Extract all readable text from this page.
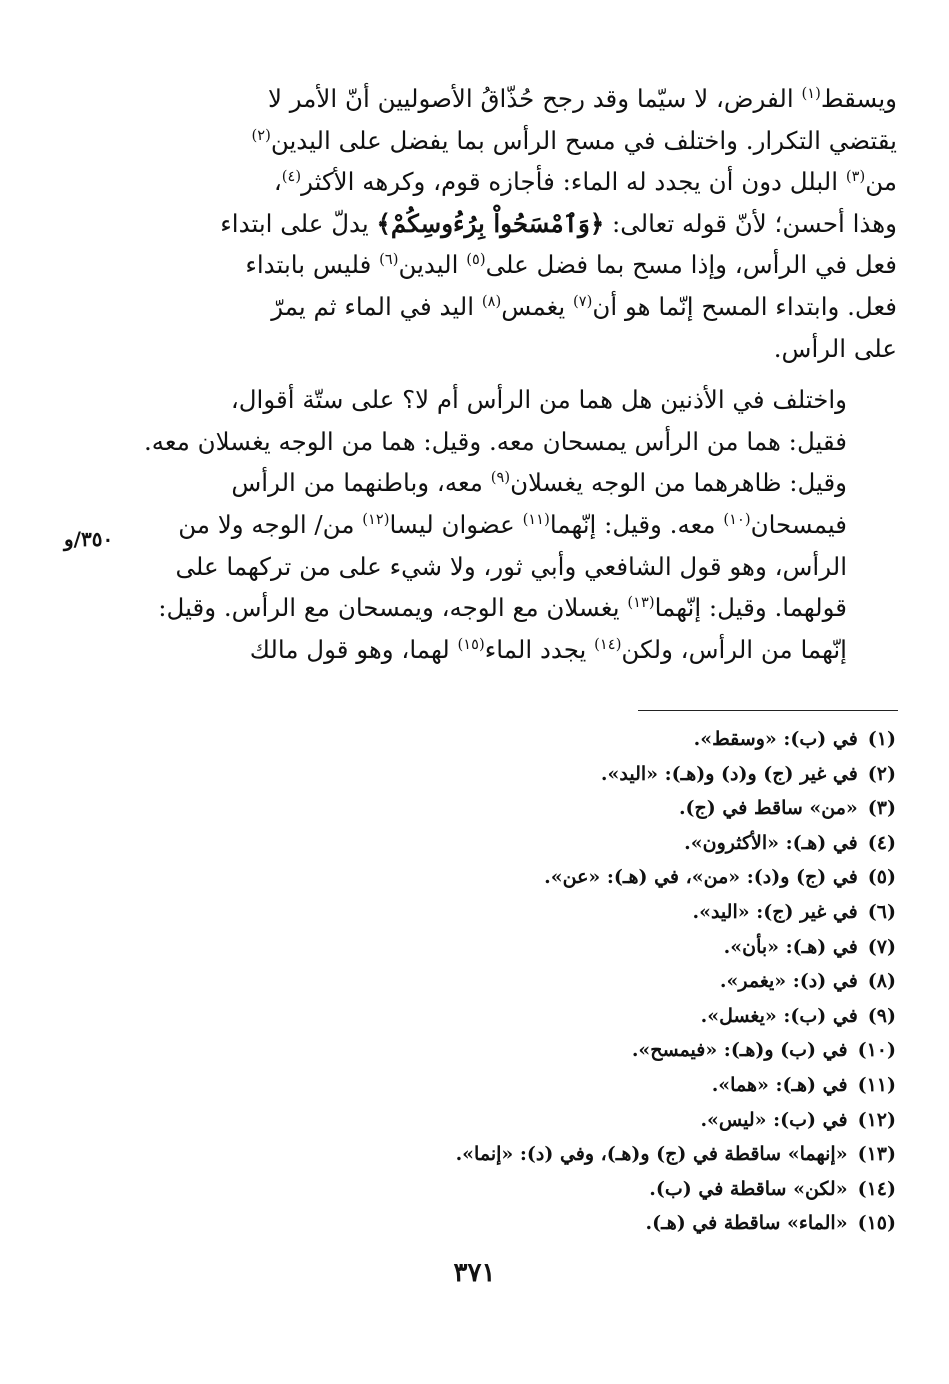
ويسقط$^{(١)}$ الفرض، لا سيّما وقد رجح حُذّاقُ الأصوليين أنّ الأمر لا
يقتضي التكرار. واختلف في مسح الرأس بما يفضل على اليدين$^{(٢)}$
من$^{(٣)}$ البلل دون أن يجدد له الماء: فأجازه قوم، وكرهه الأكثر$^{(٤)}$،
وهذا أحسن؛ لأنّ قوله تعالى: ﴿وَٱمْسَحُواْ بِرُءُوسِكُمْ﴾ يدلّ على ابتداء
فعل في الرأس، وإذا مسح بما فضل على$^{(٥)}$ اليدين$^{(٦)}$ فليس بابتداء
فعل. وابتداء المسح إنّما هو أن$^{(٧)}$ يغمس$^{(٨)}$ اليد في الماء ثم يمرّ
على الرأس.

واختلف في الأذنين هل هما من الرأس أم لا؟ على ستّة أقوال،
فقيل: هما من الرأس يمسحان معه. وقيل: هما من الوجه يغسلان معه.
وقيل: ظاهرهما من الوجه يغسلان$^{(٩)}$ معه، وباطنهما من الرأس
فيمسحان$^{(١٠)}$ معه. وقيل: إنّهما$^{(١١)}$ عضوان ليسا$^{(١٢)}$ من/ الوجه ولا من
الرأس، وهو قول الشافعي وأبي ثور، ولا شيء على من تركهما على
قولهما. وقيل: إنّهما$^{(١٣)}$ يغسلان مع الوجه، ويمسحان مع الرأس. وقيل:
إنّهما من الرأس، ولكن$^{(١٤)}$ يجدد الماء$^{(١٥)}$ لهما، وهو قول مالك

٣٥٠/و
(١)في (ب): «وسقط».
(٢)في غير (ج) و(د) و(هـ): «اليد».
(٣)«من» ساقط في (ج).
(٤)في (هـ): «الأكثرون».
(٥)في (ج) و(د): «من»، في (هـ): «عن».
(٦)في غير (ج): «اليد».
(٧)في (هـ): «بأن».
(٨)في (د): «يغمر».
(٩)في (ب): «يغسل».
(١٠)في (ب) و(هـ): «فيمسح».
(١١)في (هـ): «هما».
(١٢)في (ب): «ليس».
(١٣)«إنهما» ساقطة في (ج) و(هـ)، وفي (د): «إنما».
(١٤)«لكن» ساقطة في (ب).
(١٥)«الماء» ساقطة في (هـ).
٣٧١
